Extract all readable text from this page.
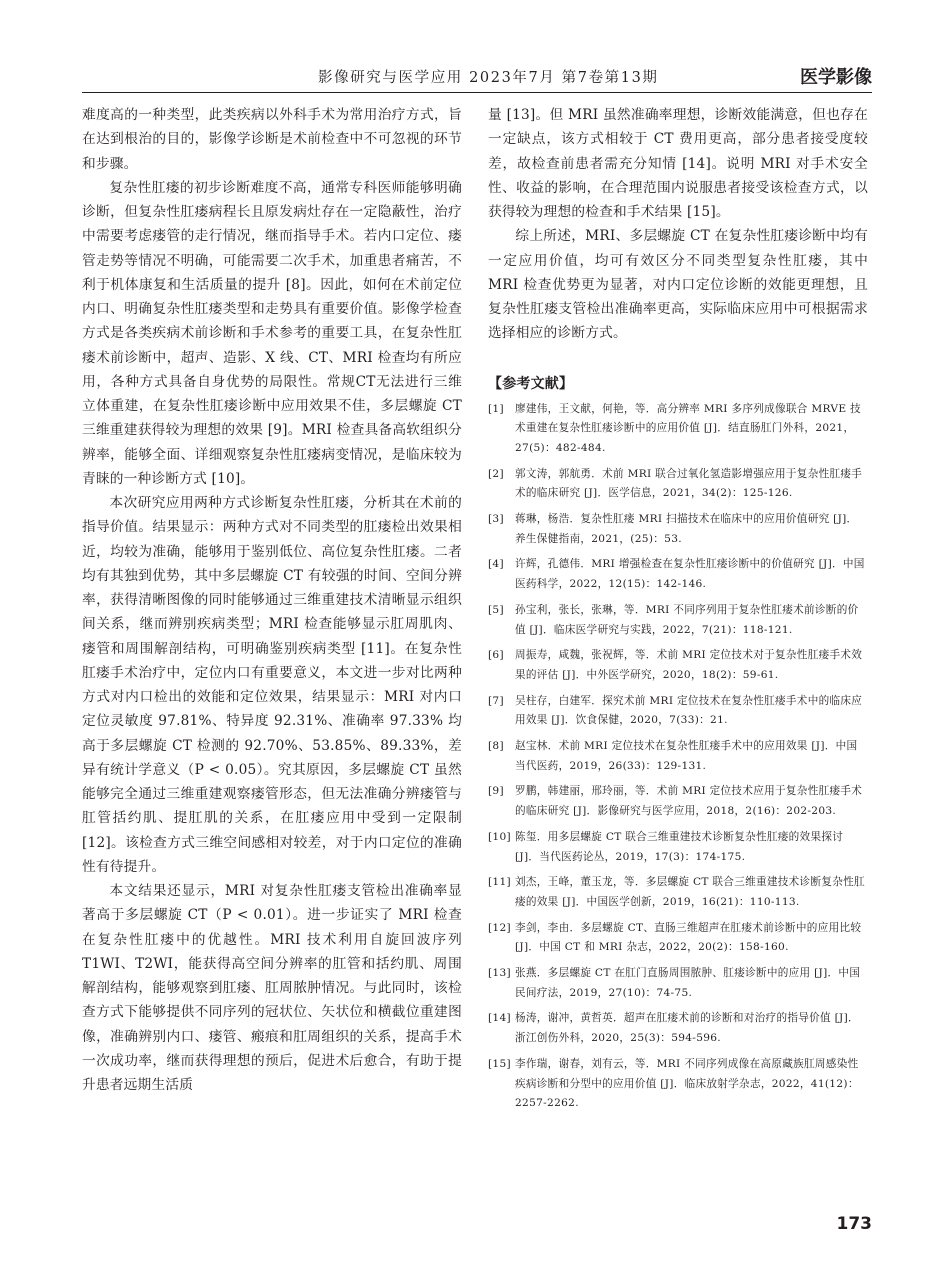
影像研究与医学应用 2023年7月 第7卷第13期	医学影像

难度高的一种类型，此类疾病以外科手术为常用治疗方式，旨在达到根治的目的，影像学诊断是术前检查中不可忽视的环节和步骤。

复杂性肛瘘的初步诊断难度不高，通常专科医师能够明确诊断，但复杂性肛瘘病程长且原发病灶存在一定隐蔽性，治疗中需要考虑瘘管的走行情况，继而指导手术。若内口定位、瘘管走势等情况不明确，可能需要二次手术，加重患者痛苦，不利于机体康复和生活质量的提升 [8]。因此，如何在术前定位内口、明确复杂性肛瘘类型和走势具有重要价值。影像学检查方式是各类疾病术前诊断和手术参考的重要工具，在复杂性肛瘘术前诊断中，超声、造影、X 线、CT、MRI 检查均有所应用，各种方式具备自身优势的局限性。常规CT无法进行三维立体重建，在复杂性肛瘘诊断中应用效果不佳，多层螺旋 CT 三维重建获得较为理想的效果 [9]。MRI 检查具备高软组织分辨率，能够全面、详细观察复杂性肛瘘病变情况，是临床较为青睐的一种诊断方式 [10]。

本次研究应用两种方式诊断复杂性肛瘘，分析其在术前的指导价值。结果显示：两种方式对不同类型的肛瘘检出效果相近，均较为准确，能够用于鉴别低位、高位复杂性肛瘘。二者均有其独到优势，其中多层螺旋 CT 有较强的时间、空间分辨率，获得清晰图像的同时能够通过三维重建技术清晰显示组织间关系，继而辨别疾病类型；MRI 检查能够显示肛周肌肉、瘘管和周围解剖结构，可明确鉴别疾病类型 [11]。在复杂性肛瘘手术治疗中，定位内口有重要意义，本文进一步对比两种方式对内口检出的效能和定位效果，结果显示：MRI 对内口定位灵敏度 97.81%、特异度 92.31%、准确率 97.33% 均高于多层螺旋 CT 检测的 92.70%、53.85%、89.33%，差异有统计学意义（P < 0.05）。究其原因，多层螺旋 CT 虽然能够完全通过三维重建观察瘘管形态，但无法准确分辨瘘管与肛管括约肌、提肛肌的关系，在肛瘘应用中受到一定限制 [12]。该检查方式三维空间感相对较差，对于内口定位的准确性有待提升。

本文结果还显示，MRI 对复杂性肛瘘支管检出准确率显著高于多层螺旋 CT（P < 0.01）。进一步证实了 MRI 检查在复杂性肛瘘中的优越性。MRI 技术利用自旋回波序列 T1WI、T2WI，能获得高空间分辨率的肛管和括约肌、周围解剖结构，能够观察到肛瘘、肛周脓肿情况。与此同时，该检查方式下能够提供不同序列的冠状位、矢状位和横截位重建图像，准确辨别内口、瘘管、瘢痕和肛周组织的关系，提高手术一次成功率，继而获得理想的预后，促进术后愈合，有助于提升患者远期生活质

量 [13]。但 MRI 虽然准确率理想，诊断效能满意，但也存在一定缺点，该方式相较于 CT 费用更高，部分患者接受度较差，故检查前患者需充分知情 [14]。说明 MRI 对手术安全性、收益的影响，在合理范围内说服患者接受该检查方式，以获得较为理想的检查和手术结果 [15]。

综上所述，MRI、多层螺旋 CT 在复杂性肛瘘诊断中均有一定应用价值，均可有效区分不同类型复杂性肛瘘，其中 MRI 检查优势更为显著，对内口定位诊断的效能更理想，且复杂性肛瘘支管检出准确率更高，实际临床应用中可根据需求选择相应的诊断方式。

【参考文献】
[1] 廖建伟，王文献，何艳，等．高分辨率 MRI 多序列成像联合 MRVE 技术重建在复杂性肛瘘诊断中的应用价值 [J]．结直肠肛门外科，2021，27(5)：482-484.
[2] 郭文涛，郭航勇．术前 MRI 联合过氧化氢造影增强应用于复杂性肛瘘手术的临床研究 [J]．医学信息，2021，34(2)：125-126.
[3] 蒋琳，杨浩．复杂性肛瘘 MRI 扫描技术在临床中的应用价值研究 [J]．养生保健指南，2021，(25)：53.
[4] 许辉，孔德伟．MRI 增强检查在复杂性肛瘘诊断中的价值研究 [J]．中国医药科学，2022，12(15)：142-146.
[5] 孙宝利，张长，张琳，等．MRI 不同序列用于复杂性肛瘘术前诊断的价值 [J]．临床医学研究与实践，2022，7(21)：118-121.
[6] 周振寿，咸魏，张祝辉，等．术前 MRI 定位技术对于复杂性肛瘘手术效果的评估 [J]．中外医学研究，2020，18(2)：59-61.
[7] 吴柱存，白建军．探究术前 MRI 定位技术在复杂性肛瘘手术中的临床应用效果 [J]．饮食保健，2020，7(33)：21.
[8] 赵宝林．术前 MRI 定位技术在复杂性肛瘘手术中的应用效果 [J]．中国当代医药，2019，26(33)：129-131.
[9] 罗鹏，韩建丽，邢玲丽，等．术前 MRI 定位技术应用于复杂性肛瘘手术的临床研究 [J]．影像研究与医学应用，2018，2(16)：202-203.
[10] 陈玺．用多层螺旋 CT 联合三维重建技术诊断复杂性肛瘘的效果探讨 [J]．当代医药论丛，2019，17(3)：174-175.
[11] 刘杰，王峰，董玉龙，等．多层螺旋 CT 联合三维重建技术诊断复杂性肛瘘的效果 [J]．中国医学创新，2019，16(21)：110-113.
[12] 李剑，李由．多层螺旋 CT、直肠三维超声在肛瘘术前诊断中的应用比较 [J]．中国 CT 和 MRI 杂志，2022，20(2)：158-160.
[13] 张燕．多层螺旋 CT 在肛门直肠周围脓肿、肛瘘诊断中的应用 [J]．中国民间疗法，2019，27(10)：74-75.
[14] 杨涛，谢冲，黄哲英．超声在肛瘘术前的诊断和对治疗的指导价值 [J]．浙江创伤外科，2020，25(3)：594-596.
[15] 李作瑞，谢春，刘有云，等．MRI 不同序列成像在高原藏族肛周感染性疾病诊断和分型中的应用价值 [J]．临床放射学杂志，2022，41(12)：2257-2262.
173
